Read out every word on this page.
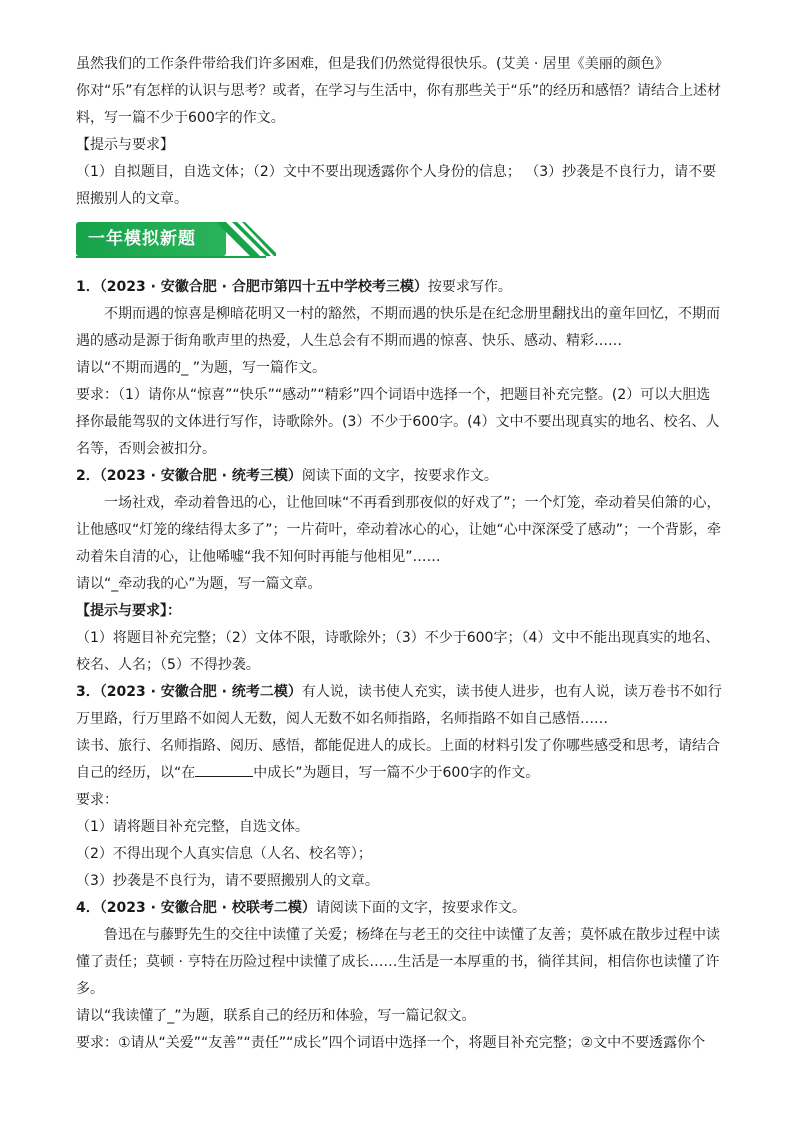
虽然我们的工作条件带给我们许多困难，但是我们仍然觉得很快乐。(艾美 · 居里《美丽的颜色》

你对“乐”有怎样的认识与思考？或者，在学习与生活中，你有那些关于“乐”的经历和感悟？请结合上述材料，写一篇不少于600字的作文。

【提示与要求】

（1）自拟题目，自选文体；（2）文中不要出现透露你个人身份的信息； （3）抄袭是不良行力，请不要照搬别人的文章。

一年模拟新题

1．（2023 · 安徽合肥 · 合肥市第四十五中学校考三模）按要求写作。

不期而遇的惊喜是柳暗花明又一村的豁然，不期而遇的快乐是在纪念册里翻找出的童年回忆，不期而遇的感动是源于街角歌声里的热爱，人生总会有不期而遇的惊喜、快乐、感动、精彩……

请以“不期而遇的_ ”为题，写一篇作文。

要求：（1）请你从“惊喜”“快乐”“感动”“精彩”四个词语中选择一个，把题目补充完整。(2）可以大胆选择你最能驾驭的文体进行写作，诗歌除外。(3）不少于600字。(4）文中不要出现真实的地名、校名、人名等，否则会被扣分。

2．（2023 · 安徽合肥 · 统考三模）阅读下面的文字，按要求作文。

一场社戏，牵动着鲁迅的心，让他回味“不再看到那夜似的好戏了”；一个灯笼，牵动着吴伯箫的心，让他感叹“灯笼的缘结得太多了”；一片荷叶，牵动着冰心的心，让她“心中深深受了感动”；一个背影，牵动着朱自清的心，让他唏嘘“我不知何时再能与他相见”……

请以“_牵动我的心”为题，写一篇文章。

【提示与要求】：

（1）将题目补充完整；（2）文体不限，诗歌除外；（3）不少于600字；（4）文中不能出现真实的地名、校名、人名；（5）不得抄袭。

3．（2023 · 安徽合肥 · 统考二模）有人说，读书使人充实，读书使人进步，也有人说，读万卷书不如行万里路，行万里路不如阅人无数，阅人无数不如名师指路，名师指路不如自己感悟……

读书、旅行、名师指路、阅历、感悟，都能促进人的成长。上面的材料引发了你哪些感受和思考，请结合自己的经历，以“在	中成长”为题目，写一篇不少于600字的作文。

要求：

（1）请将题目补充完整，自选文体。

（2）不得出现个人真实信息（人名、校名等）；

（3）抄袭是不良行为，请不要照搬别人的文章。

4．（2023 · 安徽合肥 · 校联考二模）请阅读下面的文字，按要求作文。

鲁迅在与藤野先生的交往中读懂了关爱；杨绛在与老王的交往中读懂了友善；莫怀戚在散步过程中读懂了责任；莫顿 · 亨特在历险过程中读懂了成长……生活是一本厚重的书，徜徉其间，相信你也读懂了许多。

请以“我读懂了_”为题，联系自己的经历和体验，写一篇记叙文。

要求：①请从“关爱”“友善”“责任”“成长”四个词语中选择一个，将题目补充完整；②文中不要透露你个
